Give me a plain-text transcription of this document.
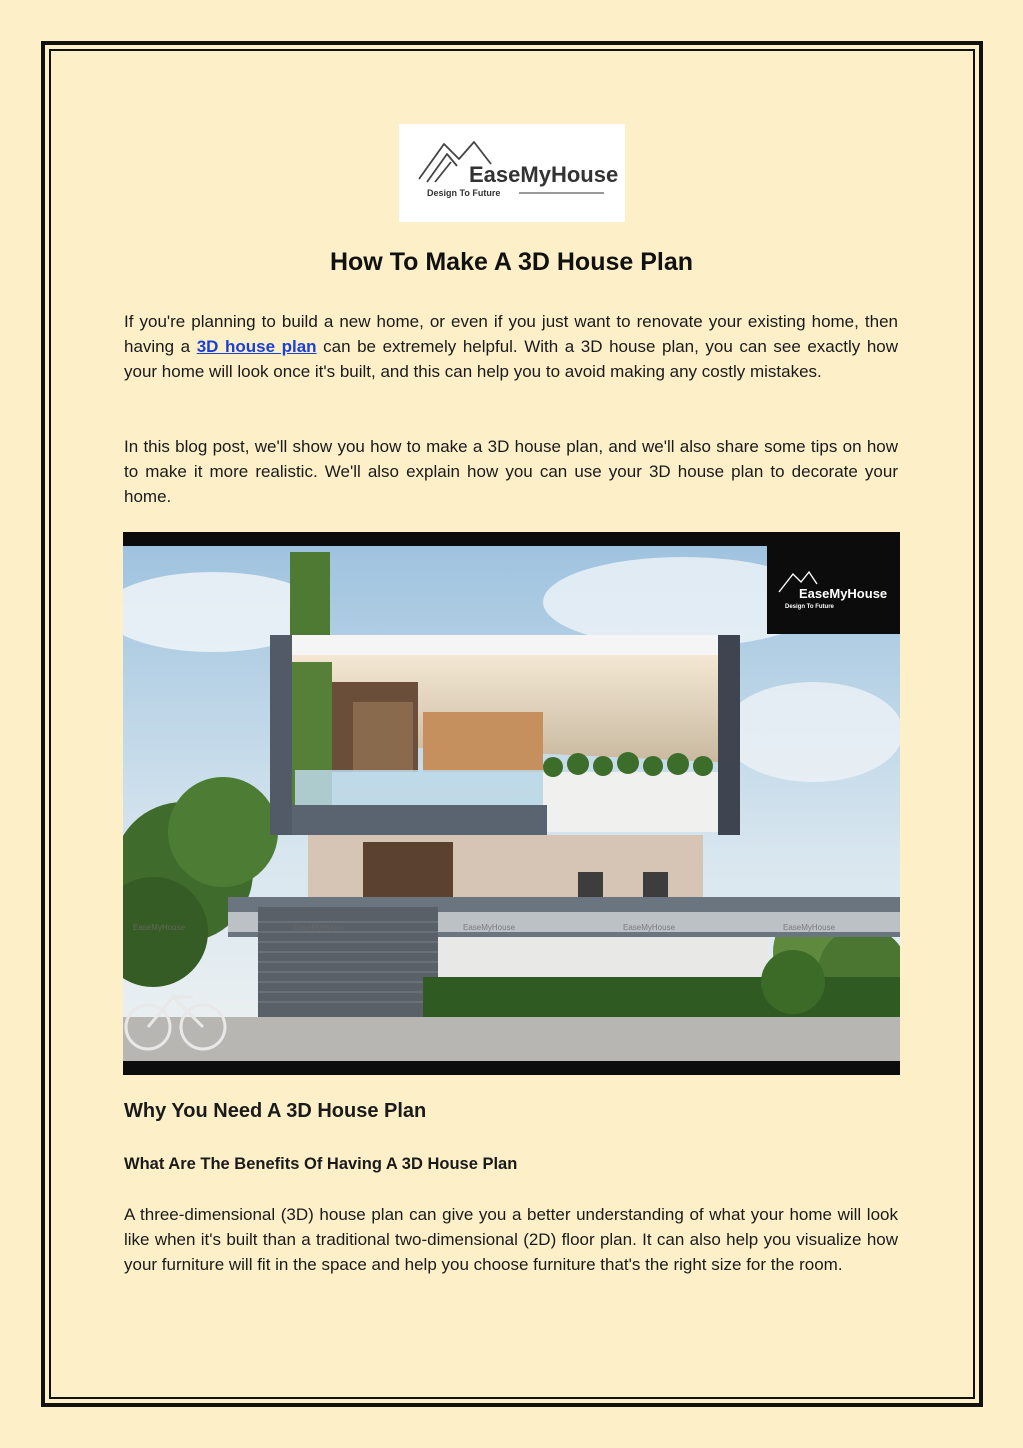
EaseMyHouse
Design To Future
How To Make A 3D House Plan

If you're planning to build a new home, or even if you just want to renovate your existing home, then having a 3D house plan can be extremely helpful. With a 3D house plan, you can see exactly how your home will look once it's built, and this can help you to avoid making any costly mistakes.

In this blog post, we'll show you how to make a 3D house plan, and we'll also share some tips on how to make it more realistic. We'll also explain how you can use your 3D house plan to decorate your home.

EaseMyHouse
Design To Future
EaseMyHouse	EaseMyHouse	EaseMyHouse	EaseMyHouse	EaseMyHouse
Why You Need A 3D House Plan
What Are The Benefits Of Having A 3D House Plan

A three-dimensional (3D) house plan can give you a better understanding of what your home will look like when it's built than a traditional two-dimensional (2D) floor plan. It can also help you visualize how your furniture will fit in the space and help you choose furniture that's the right size for the room.
